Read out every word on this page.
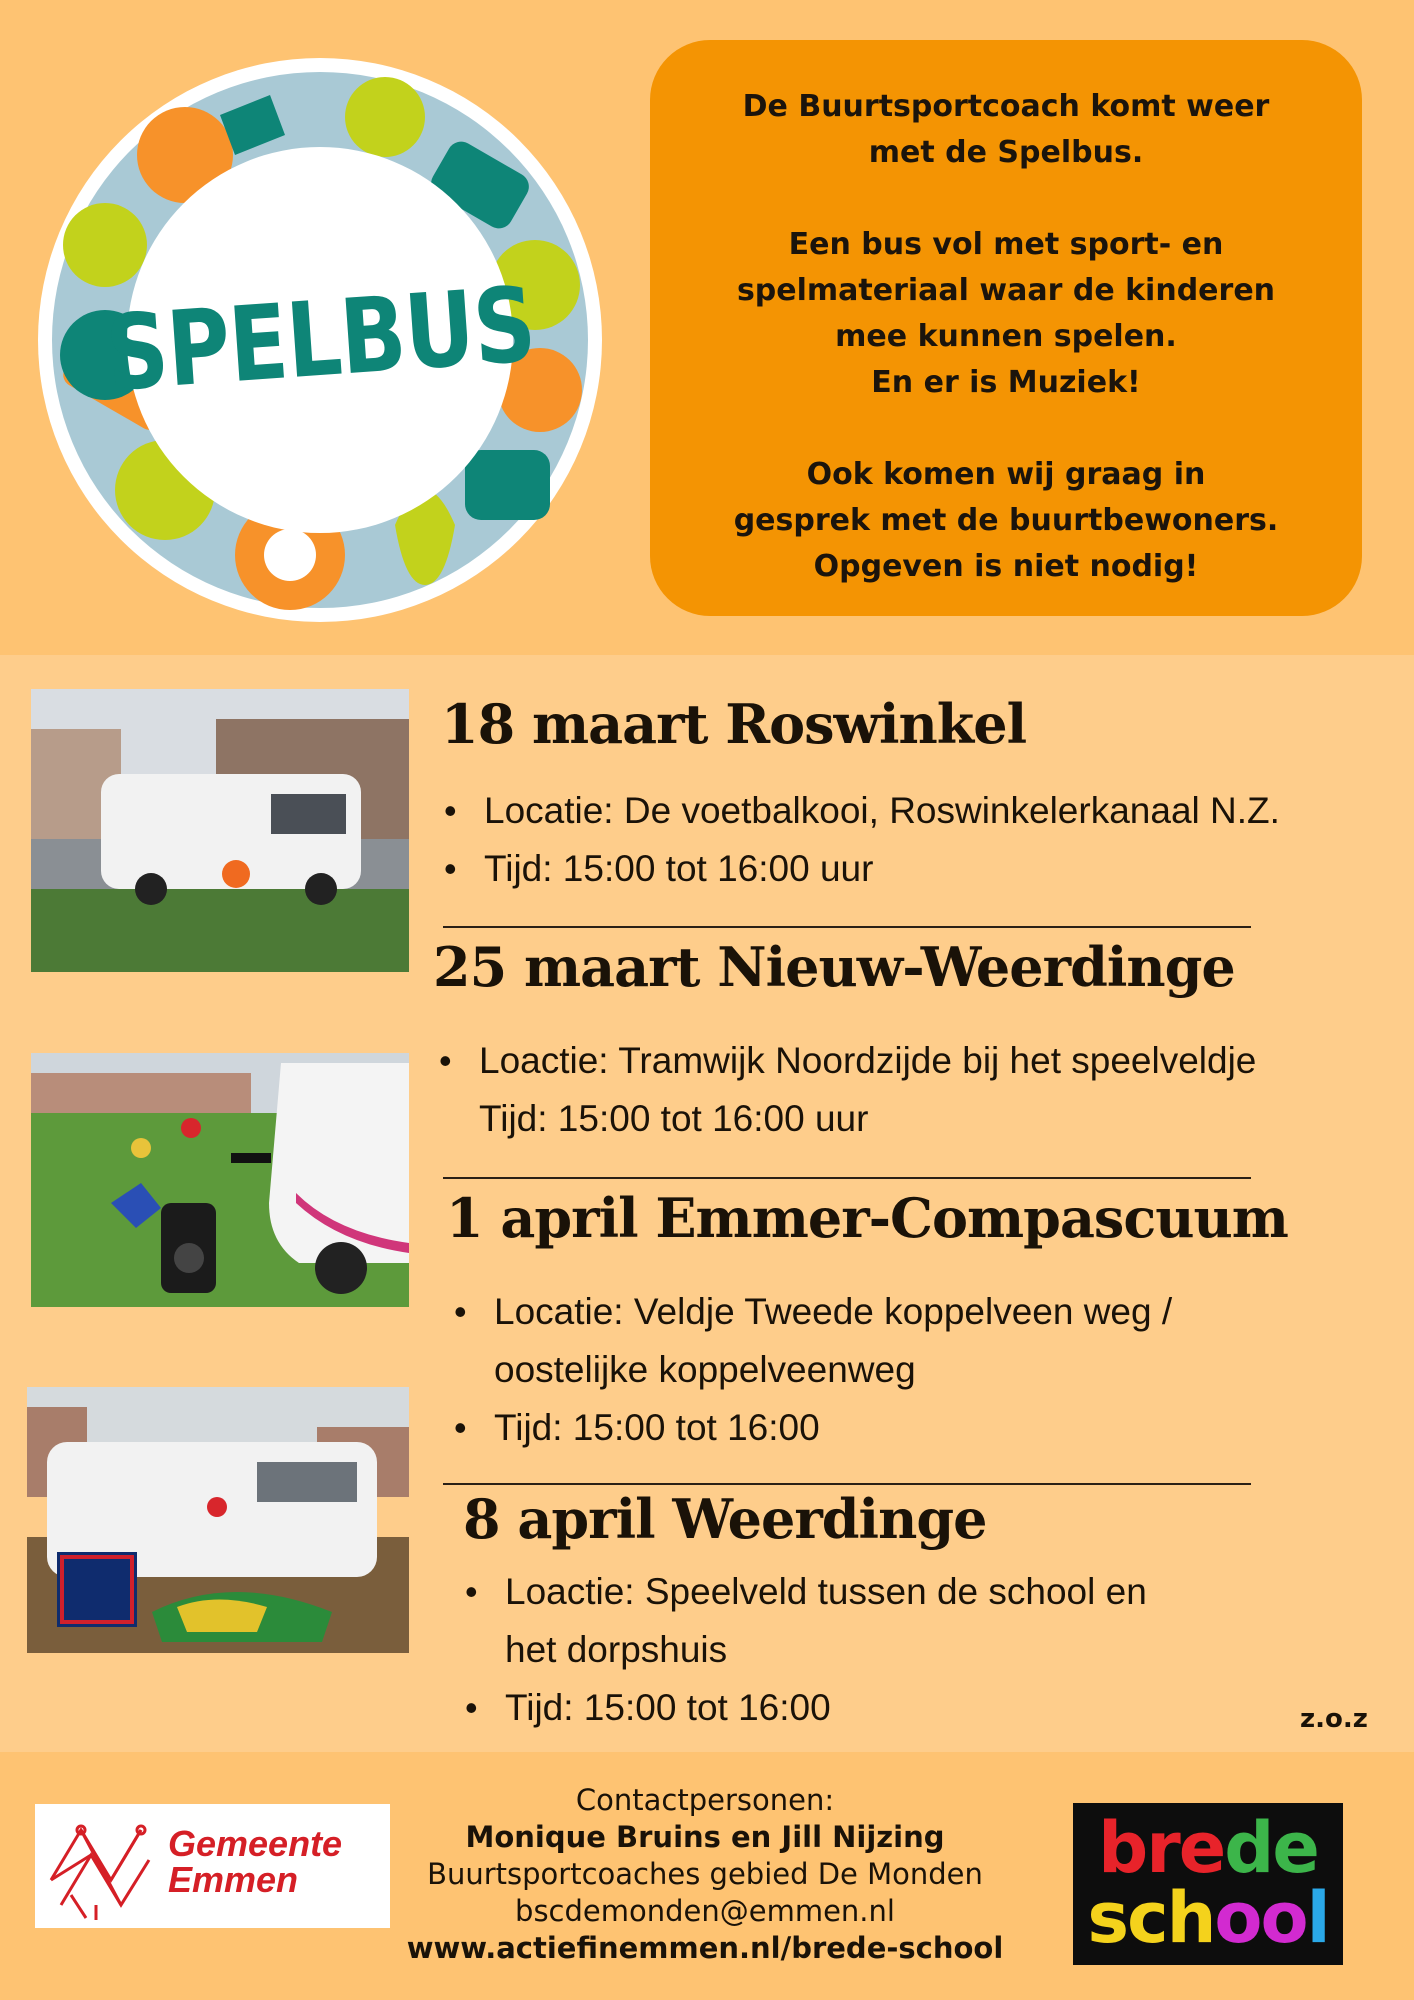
SPELBUS

De Buurtsportcoach komt weer
met de Spelbus.

Een bus vol met sport- en
spelmateriaal waar de kinderen
mee kunnen spelen.
En er is Muziek!

Ook komen wij graag in
gesprek met de buurtbewoners.
Opgeven is niet nodig!

18 maart Roswinkel
• Locatie: De voetbalkooi, Roswinkelerkanaal N.Z.
• Tijd: 15:00 tot 16:00 uur
25 maart Nieuw-Weerdinge
• Loactie: Tramwijk Noordzijde bij het speelveldje
Tijd: 15:00 tot 16:00 uur
1 april Emmer-Compascuum
• Locatie: Veldje Tweede koppelveen weg /
oostelijke koppelveenweg
• Tijd: 15:00 tot 16:00
8 april Weerdinge
• Loactie: Speelveld tussen de school en
het dorpshuis
• Tijd: 15:00 tot 16:00	z.o.z
Gemeente
Emmen
Contactpersonen:
Monique Bruins en Jill Nijzing
Buurtsportcoaches gebied De Monden
bscdemonden@emmen.nl
www.actiefinemmen.nl/brede-school
brede
school
